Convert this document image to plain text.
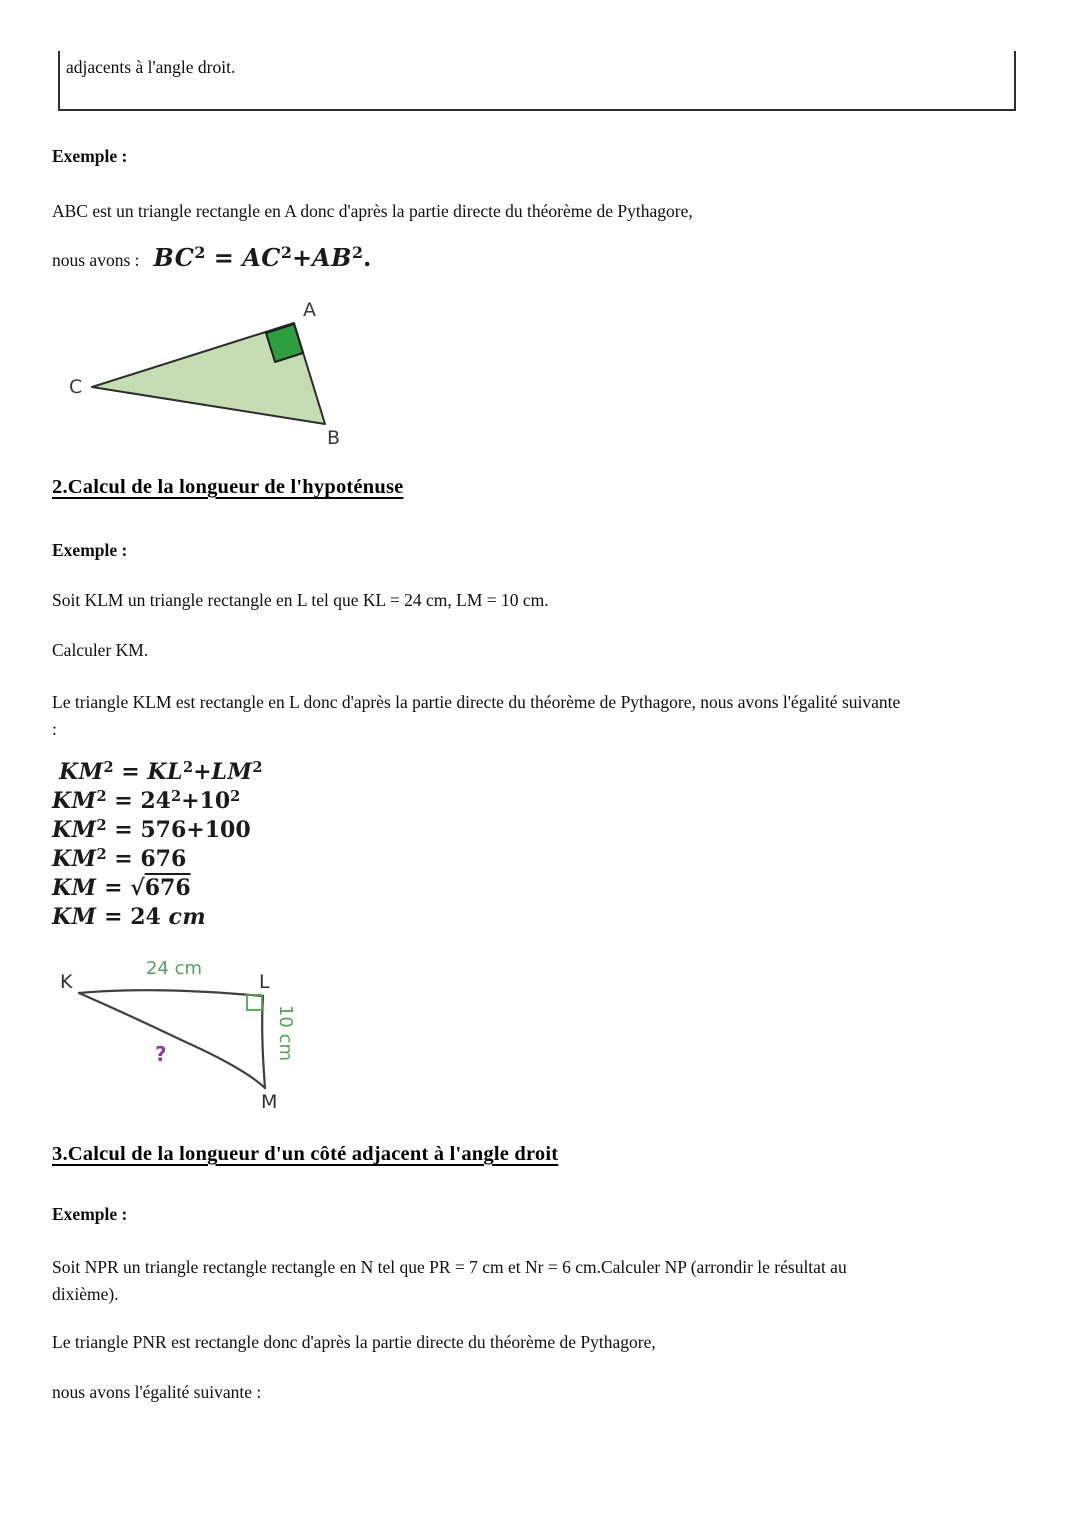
adjacents à l'angle droit.
Exemple :
ABC est un triangle rectangle en A donc d'après la partie directe du théorème de Pythagore,
nous avons : $BC^2 = AC^2+AB^2$.
A
C
B
2.Calcul de la longueur de l'hypoténuse
Exemple :
Soit KLM un triangle rectangle en L tel que KL = 24 cm, LM = 10 cm.
Calculer KM.
Le triangle KLM est rectangle en L donc d'après la partie directe du théorème de Pythagore, nous avons l'égalité suivante
:
$KM^2 = KL^2+LM^2$
$KM^2 = 24^2+10^2$
$KM^2 = 576+100$
$KM^2 = 676$
KM = √676
KM = 24 cm
K	L
M
24 cm
10 cm
?
3.Calcul de la longueur d'un côté adjacent à l'angle droit
Exemple :
Soit NPR un triangle rectangle rectangle en N tel que PR = 7 cm et Nr = 6 cm.Calculer NP (arrondir le résultat au
dixième).
Le triangle PNR est rectangle donc d'après la partie directe du théorème de Pythagore,
nous avons l'égalité suivante :
